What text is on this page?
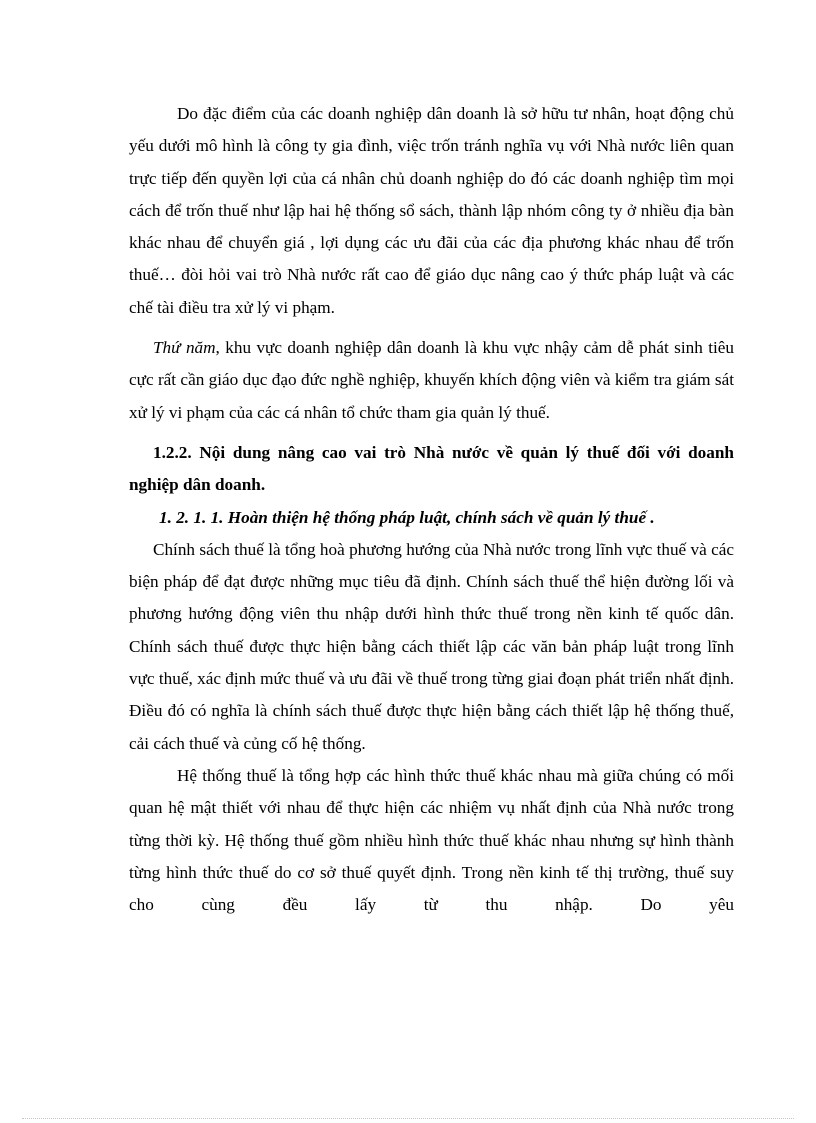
Do đặc điểm của các doanh nghiệp dân doanh là sở hữu tư nhân, hoạt động chủ yếu dưới mô hình là công ty gia đình, việc trốn tránh nghĩa vụ với Nhà nước liên quan trực tiếp đến quyền lợi của cá nhân chủ doanh nghiệp do đó các doanh nghiệp tìm mọi cách để trốn thuế như lập hai hệ thống sổ sách, thành lập nhóm công ty ở nhiều địa bàn khác nhau để chuyển giá , lợi dụng các ưu đãi của các địa phương khác nhau để trốn thuế… đòi hỏi vai trò Nhà nước rất cao để giáo dục nâng cao ý thức pháp luật và các chế tài điều tra xử lý vi phạm.

Thứ năm, khu vực doanh nghiệp dân doanh là khu vực nhậy cảm dễ phát sinh tiêu cực rất cần giáo dục đạo đức nghề nghiệp, khuyến khích động viên và kiểm tra giám sát xử lý vi phạm của các cá nhân tổ chức tham gia quản lý thuế.

1.2.2. Nội dung nâng cao vai trò Nhà nước về quản lý thuế đối với doanh nghiệp dân doanh.

1. 2. 1. 1. Hoàn thiện hệ thống pháp luật, chính sách về quản lý thuế .

Chính sách thuế là tổng hoà phương hướng của Nhà nước trong lĩnh vực thuế và các biện pháp để đạt được những mục tiêu đã định. Chính sách thuế thể hiện đường lối và phương hướng động viên thu nhập dưới hình thức thuế trong nền kinh tế quốc dân. Chính sách thuế được thực hiện bằng cách thiết lập các văn bản pháp luật trong lĩnh vực thuế, xác định mức thuế và ưu đãi về thuế trong từng giai đoạn phát triển nhất định. Điều đó có nghĩa là chính sách thuế được thực hiện bằng cách thiết lập hệ thống thuế, cải cách thuế và củng cố hệ thống.

Hệ thống thuế là tổng hợp các hình thức thuế khác nhau mà giữa chúng có mối quan hệ mật thiết với nhau để thực hiện các nhiệm vụ nhất định của Nhà nước trong từng thời kỳ. Hệ thống thuế gồm nhiều hình thức thuế khác nhau nhưng sự hình thành từng hình thức thuế do cơ sở thuế quyết định. Trong nền kinh tế thị trường, thuế suy cho cùng đều lấy từ thu nhập. Do yêu
